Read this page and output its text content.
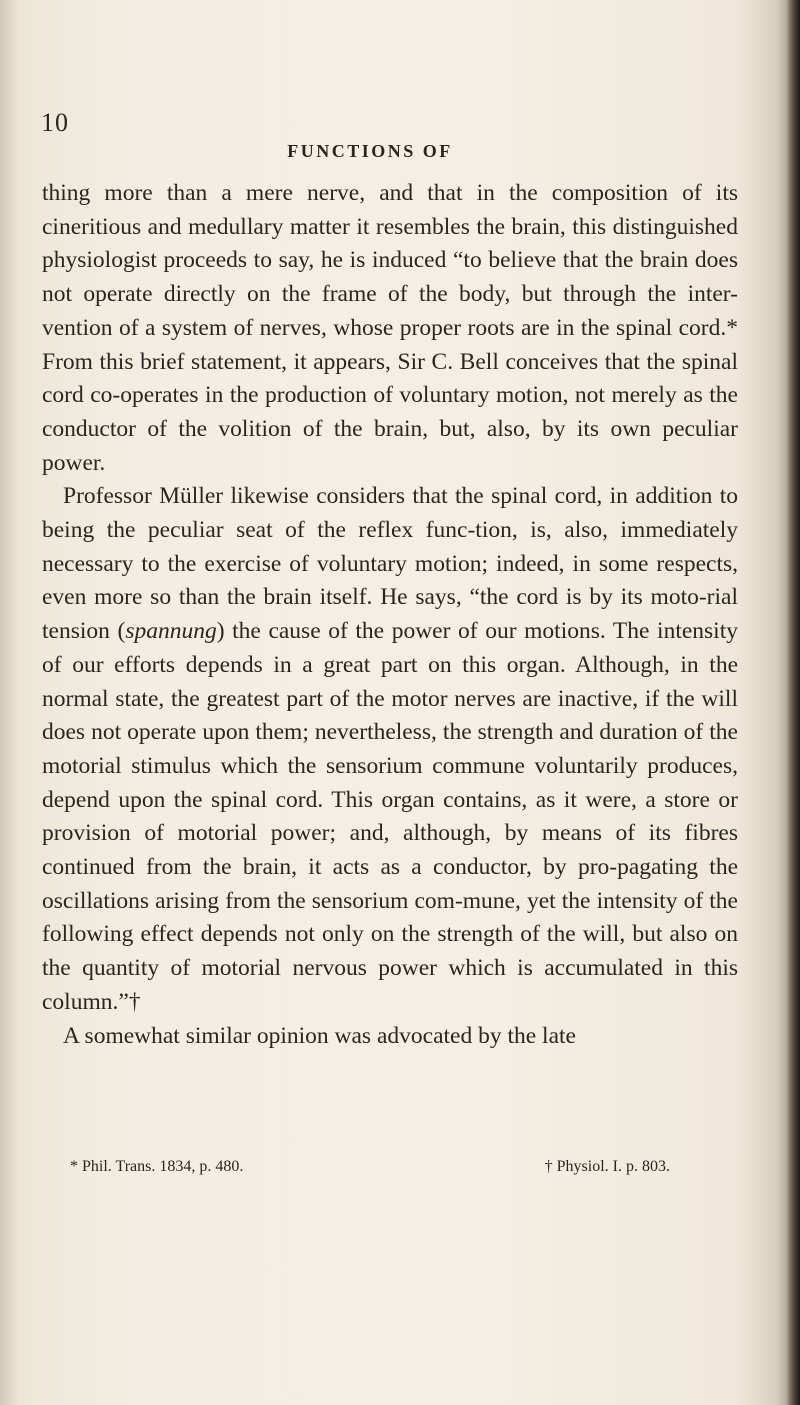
10
FUNCTIONS OF

thing more than a mere nerve, and that in the composition of its cineritious and medullary matter it resembles the brain, this distinguished physiologist proceeds to say, he is induced “to believe that the brain does not operate directly on the frame of the body, but through the inter-vention of a system of nerves, whose proper roots are in the spinal cord.* From this brief statement, it appears, Sir C. Bell conceives that the spinal cord co-operates in the production of voluntary motion, not merely as the conductor of the volition of the brain, but, also, by its own peculiar power.

Professor Müller likewise considers that the spinal cord, in addition to being the peculiar seat of the reflex func-tion, is, also, immediately necessary to the exercise of voluntary motion; indeed, in some respects, even more so than the brain itself. He says, “the cord is by its moto-rial tension (spannung) the cause of the power of our motions. The intensity of our efforts depends in a great part on this organ. Although, in the normal state, the greatest part of the motor nerves are inactive, if the will does not operate upon them; nevertheless, the strength and duration of the motorial stimulus which the sensorium commune voluntarily produces, depend upon the spinal cord. This organ contains, as it were, a store or provision of motorial power; and, although, by means of its fibres continued from the brain, it acts as a conductor, by pro-pagating the oscillations arising from the sensorium com-mune, yet the intensity of the following effect depends not only on the strength of the will, but also on the quantity of motorial nervous power which is accumulated in this column.”†

A somewhat similar opinion was advocated by the late

* Phil. Trans. 1834, p. 480.	† Physiol. I. p. 803.
